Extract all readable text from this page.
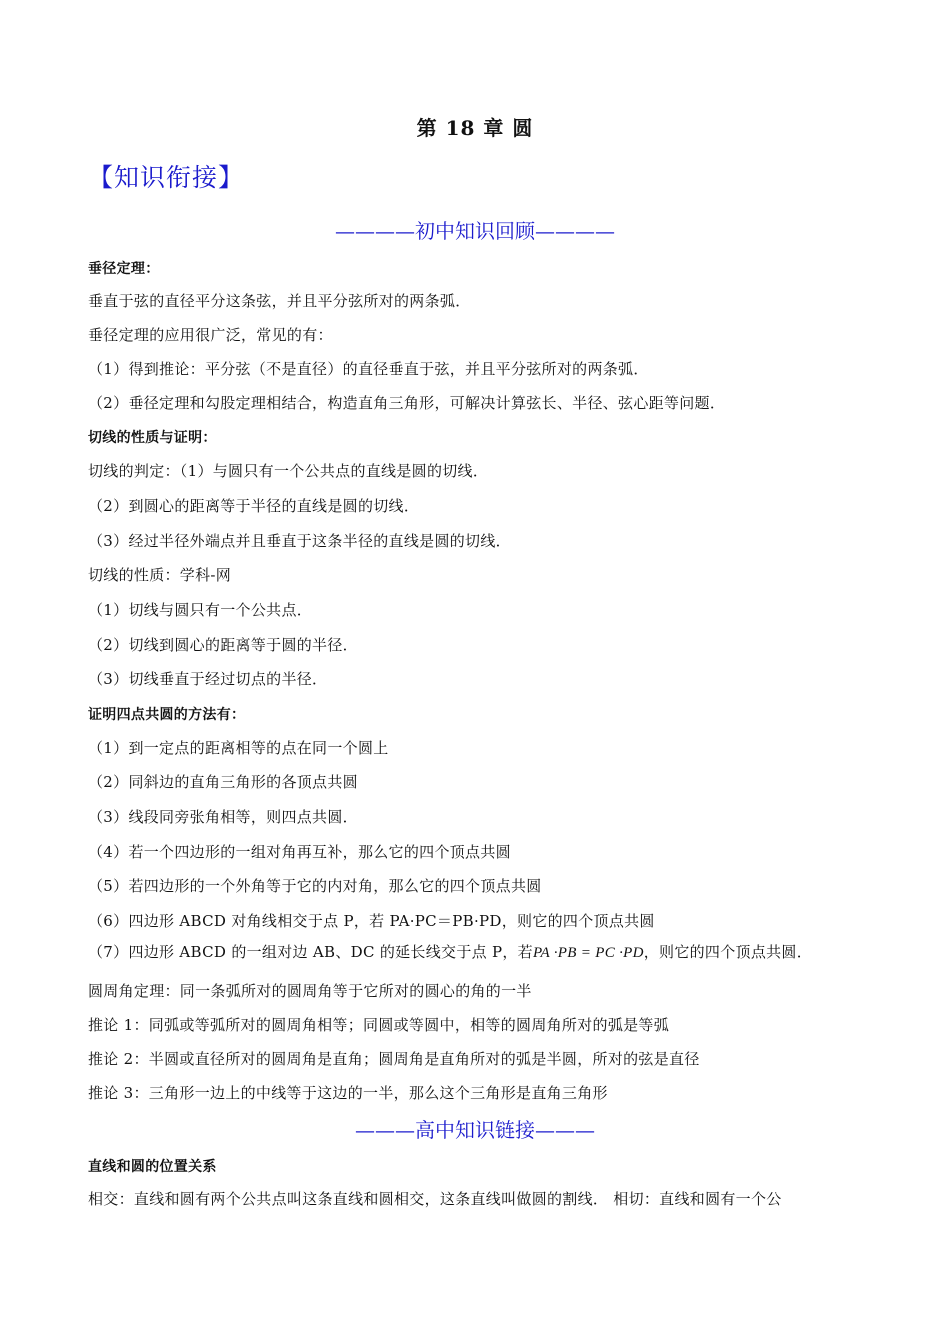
第 18 章 圆
【知识衔接】
————初中知识回顾————
垂径定理：
垂直于弦的直径平分这条弦，并且平分弦所对的两条弧．
垂径定理的应用很广泛，常见的有：
（1）得到推论：平分弦（不是直径）的直径垂直于弦，并且平分弦所对的两条弧．
（2）垂径定理和勾股定理相结合，构造直角三角形，可解决计算弦长、半径、弦心距等问题．
切线的性质与证明：
切线的判定：（1）与圆只有一个公共点的直线是圆的切线．
（2）到圆心的距离等于半径的直线是圆的切线．
（3）经过半径外端点并且垂直于这条半径的直线是圆的切线．
切线的性质：学科-网
（1）切线与圆只有一个公共点．
（2）切线到圆心的距离等于圆的半径．
（3）切线垂直于经过切点的半径．
证明四点共圆的方法有：
（1）到一定点的距离相等的点在同一个圆上
（2）同斜边的直角三角形的各顶点共圆
（3）线段同旁张角相等，则四点共圆．
（4）若一个四边形的一组对角再互补，那么它的四个顶点共圆
（5）若四边形的一个外角等于它的内对角，那么它的四个顶点共圆
（6）四边形 ABCD 对角线相交于点 P，若 PA·PC＝PB·PD，则它的四个顶点共圆
（7）四边形 ABCD 的一组对边 AB、DC 的延长线交于点 P，若PA ·PB = PC ·PD，则它的四个顶点共圆．
圆周角定理：同一条弧所对的圆周角等于它所对的圆心的角的一半
推论 1：同弧或等弧所对的圆周角相等；同圆或等圆中，相等的圆周角所对的弧是等弧
推论 2：半圆或直径所对的圆周角是直角；圆周角是直角所对的弧是半圆，所对的弦是直径
推论 3：三角形一边上的中线等于这边的一半，那么这个三角形是直角三角形
———高中知识链接———
直线和圆的位置关系
相交：直线和圆有两个公共点叫这条直线和圆相交，这条直线叫做圆的割线． 相切：直线和圆有一个公
